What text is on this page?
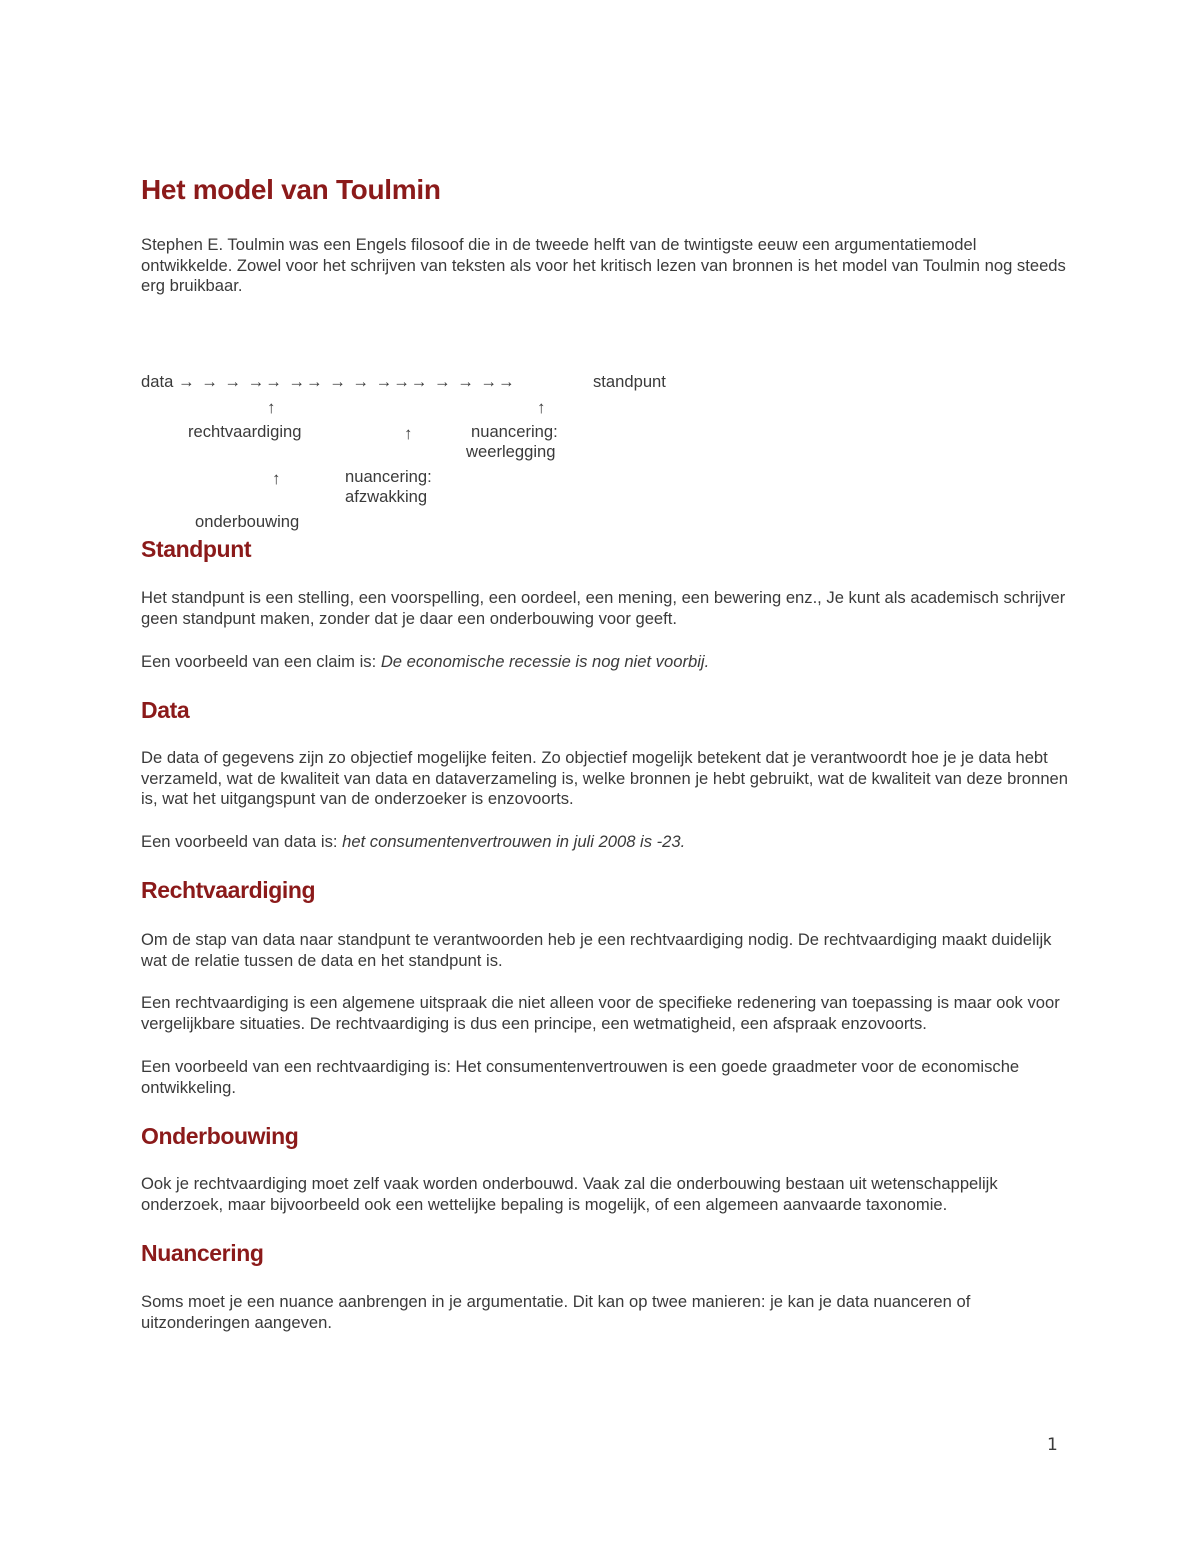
Het model van Toulmin

Stephen E. Toulmin was een Engels filosoof die in de tweede helft van de twintigste eeuw een argumentatiemodel ontwikkelde. Zowel voor het schrijven van teksten als voor het kritisch lezen van bronnen is het model van Toulmin nog steeds erg bruikbaar.

data → → → →→ →→ → → →→→ → → →→	standpunt
↑	↑
rechtvaardiging	↑	nuancering:
weerlegging
↑	nuancering:
afzwakking
onderbouwing
Standpunt

Het standpunt is een stelling, een voorspelling, een oordeel, een mening, een bewering enz., Je kunt als academisch schrijver geen standpunt maken, zonder dat je daar een onderbouwing voor geeft.

Een voorbeeld van een claim is: De economische recessie is nog niet voorbij.

Data

De data of gegevens zijn zo objectief mogelijke feiten. Zo objectief mogelijk betekent dat je verantwoordt hoe je je data hebt verzameld, wat de kwaliteit van data en dataverzameling is, welke bronnen je hebt gebruikt, wat de kwaliteit van deze bronnen is, wat het uitgangspunt van de onderzoeker is enzovoorts.

Een voorbeeld van data is: het consumentenvertrouwen in juli 2008 is -23.

Rechtvaardiging

Om de stap van data naar standpunt te verantwoorden heb je een rechtvaardiging nodig. De rechtvaardiging maakt duidelijk wat de relatie tussen de data en het standpunt is.

Een rechtvaardiging is een algemene uitspraak die niet alleen voor de specifieke redenering van toepassing is maar ook voor vergelijkbare situaties. De rechtvaardiging is dus een principe, een wetmatigheid, een afspraak enzovoorts.

Een voorbeeld van een rechtvaardiging is: Het consumentenvertrouwen is een goede graadmeter voor de economische ontwikkeling.

Onderbouwing

Ook je rechtvaardiging moet zelf vaak worden onderbouwd. Vaak zal die onderbouwing bestaan uit wetenschappelijk onderzoek, maar bijvoorbeeld ook een wettelijke bepaling is mogelijk, of een algemeen aanvaarde taxonomie.

Nuancering

Soms moet je een nuance aanbrengen in je argumentatie. Dit kan op twee manieren: je kan je data nuanceren of uitzonderingen aangeven.

1
